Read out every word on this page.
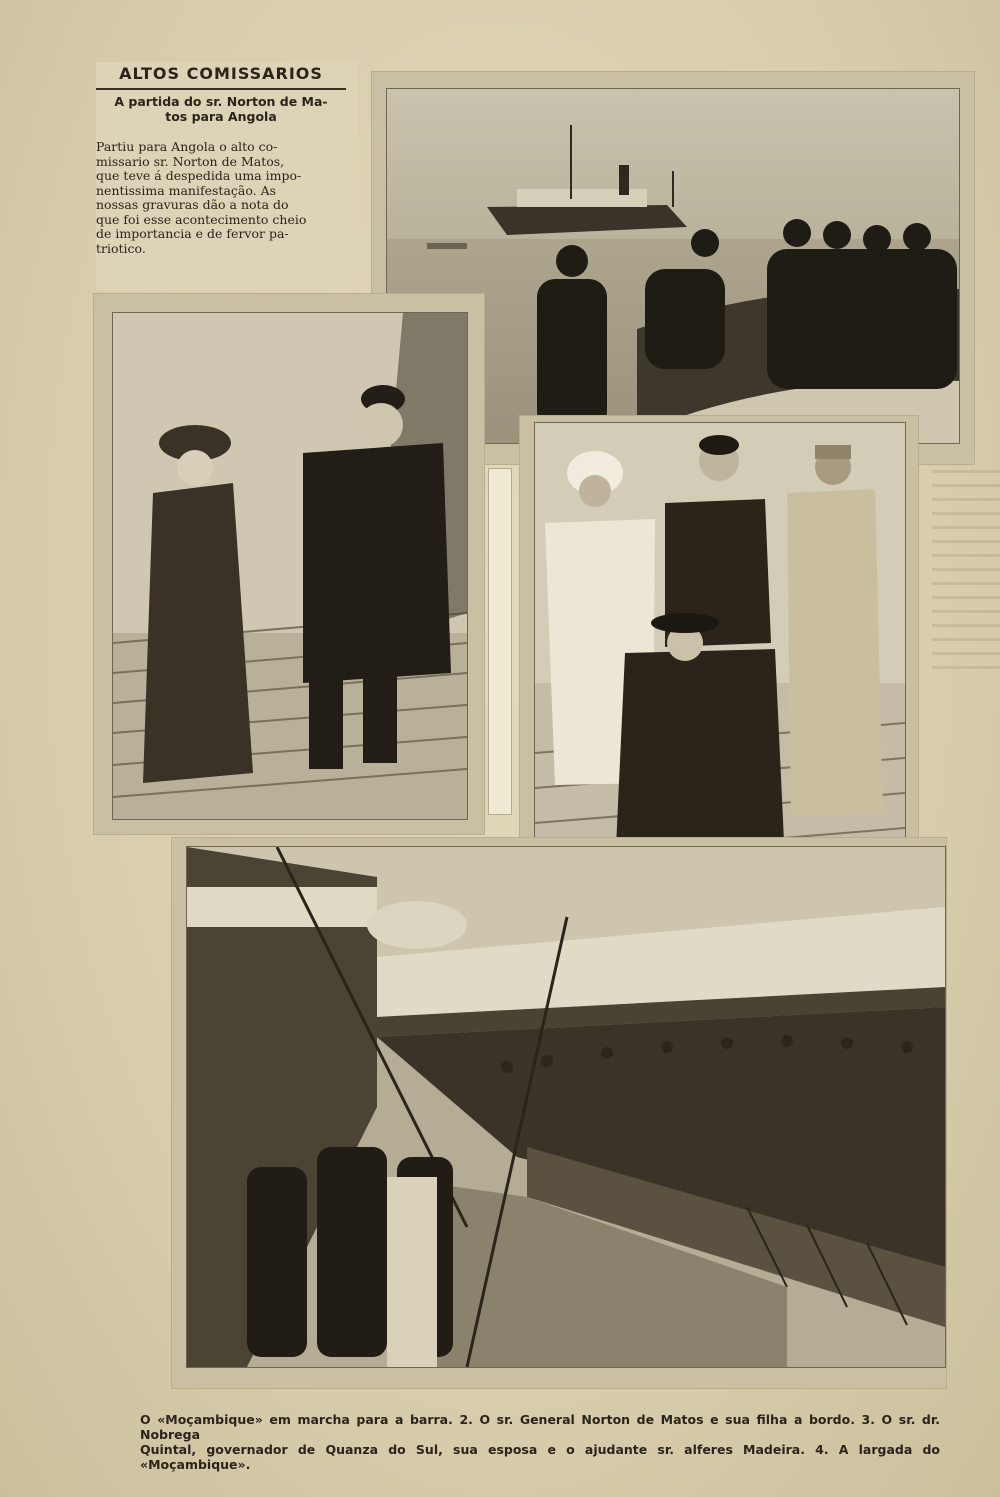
ALTOS COMISSARIOS
A partida do sr. Norton de Ma-
tos para Angola
Partiu para Angola o alto co-
missario sr. Norton de Matos,
que teve á despedida uma impo-
nentissima manifestação. As
nossas gravuras dão a nota do
que foi esse acontecimento cheio
de importancia e de fervor pa-
triotico.
O «Moçambique» em marcha para a barra. 2. O sr. General Norton de Matos e sua filha a bordo. 3. O sr. dr. Nobrega
Quintal, governador de Quanza do Sul, sua esposa e o ajudante sr. alferes Madeira. 4. A largada do «Moçambique».
